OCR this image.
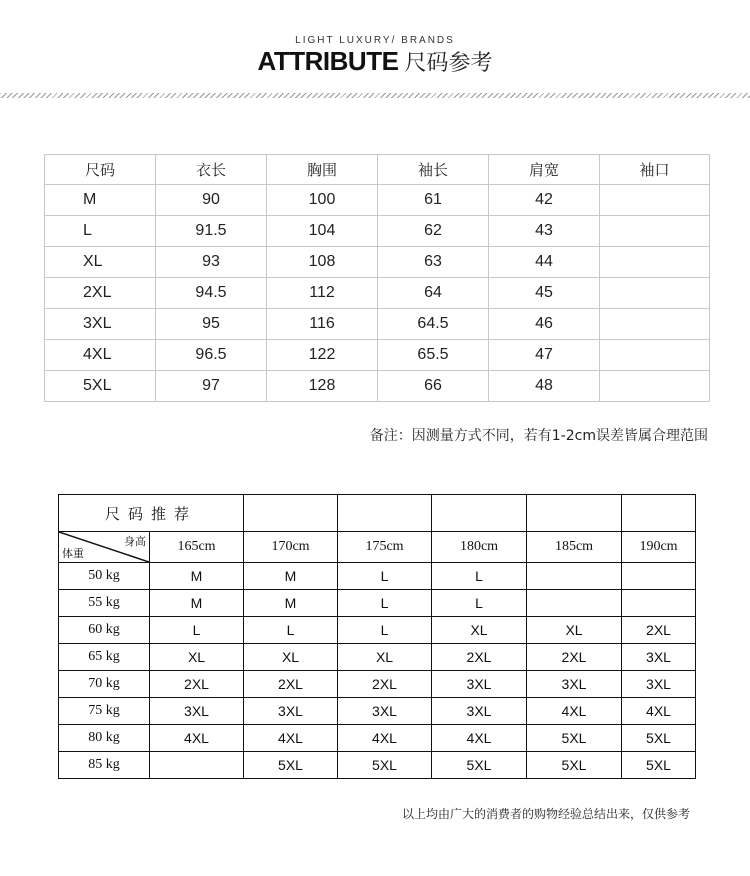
LIGHT LUXURY/ BRANDS
ATTRIBUTE 尺码参考
尺码	衣长	胸围	袖长	肩宽	袖口
M	90	100	61	42	
L	91.5	104	62	43	
XL	93	108	63	44	
2XL	94.5	112	64	45	
3XL	95	116	64.5	46	
4XL	96.5	122	65.5	47	
5XL	97	128	66	48	
备注：因测量方式不同，若有1-2cm误差皆属合理范围
尺码推荐						

身高
体重	165cm	170cm	175cm	180cm	185cm	190cm
50 kg	M	M	L	L		
55 kg	M	M	L	L		
60 kg	L	L	L	XL	XL	2XL
65 kg	XL	XL	XL	2XL	2XL	3XL
70 kg	2XL	2XL	2XL	3XL	3XL	3XL
75 kg	3XL	3XL	3XL	3XL	4XL	4XL
80 kg	4XL	4XL	4XL	4XL	5XL	5XL
85 kg		5XL	5XL	5XL	5XL	5XL
以上均由广大的消费者的购物经验总结出来，仅供参考
